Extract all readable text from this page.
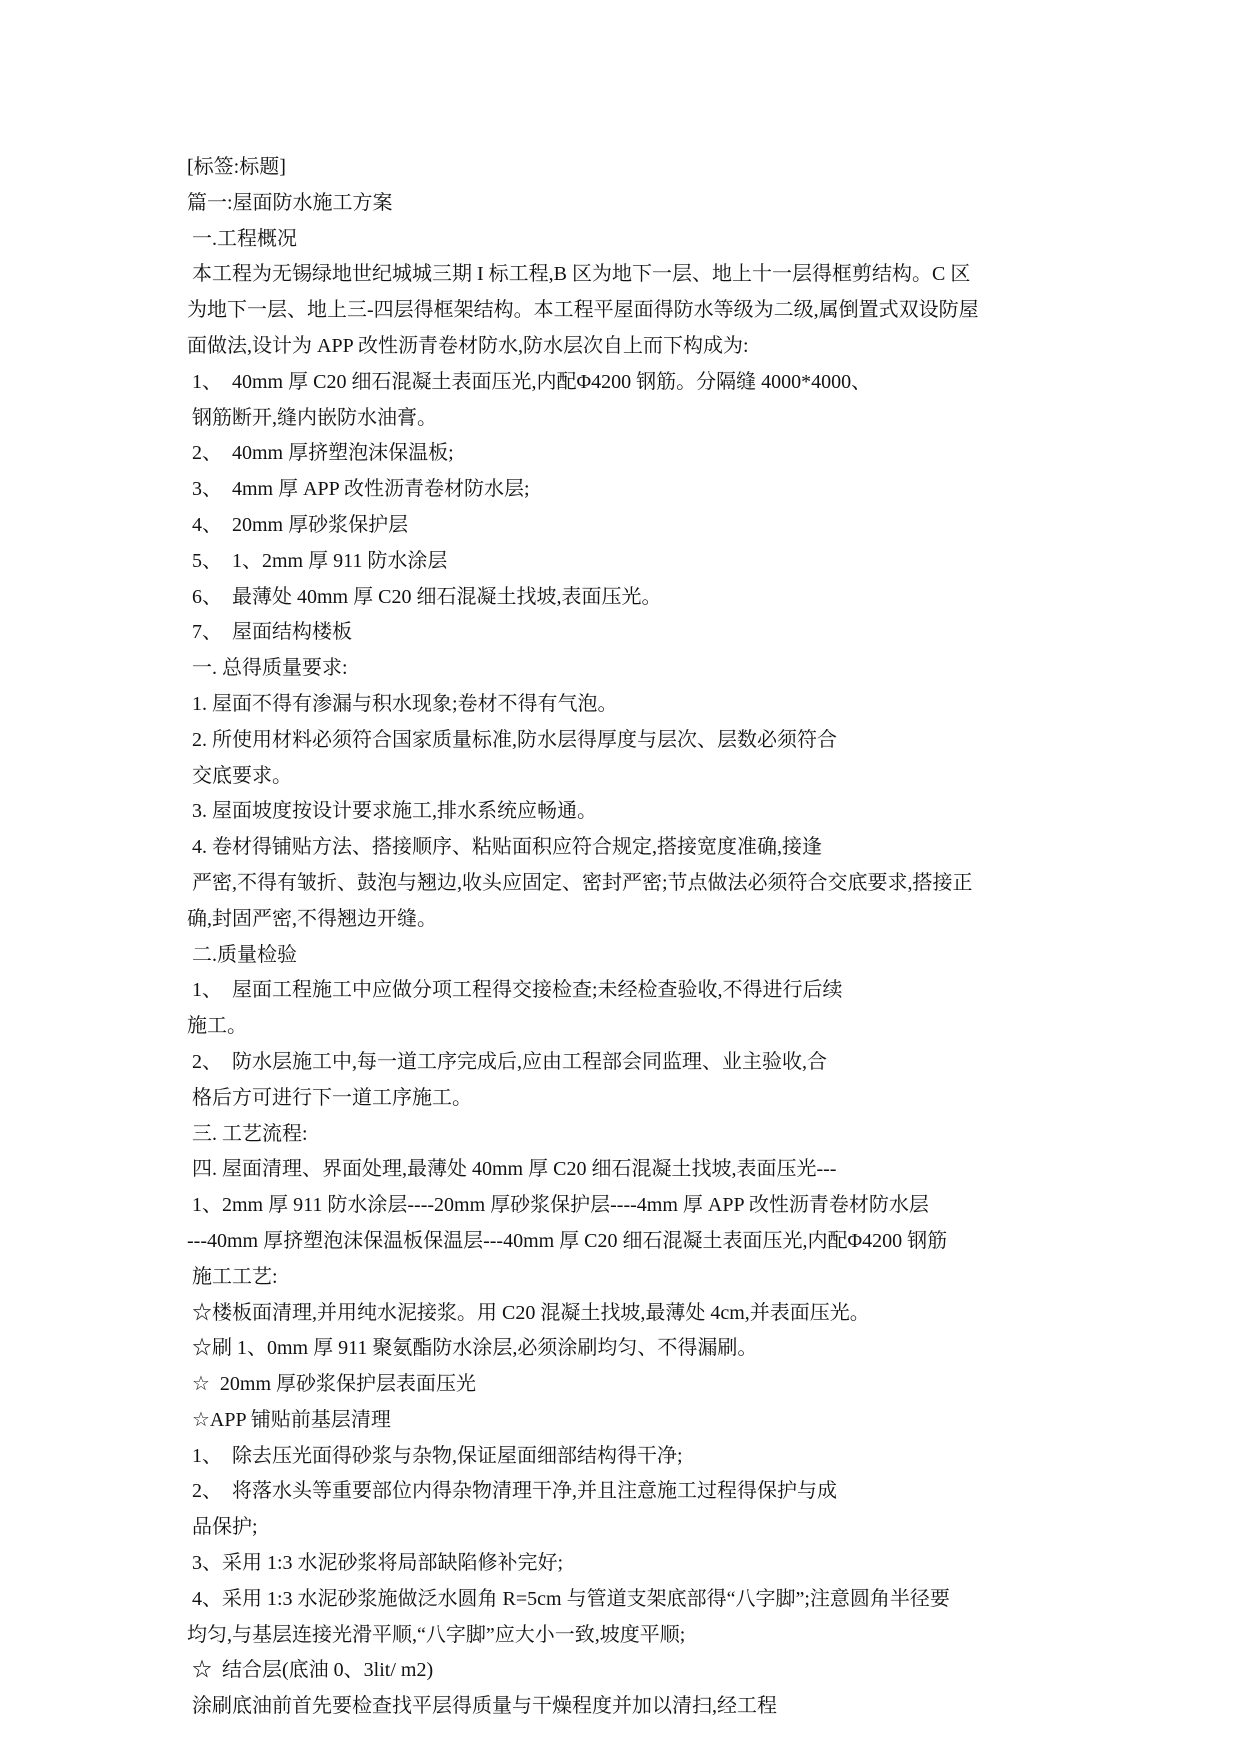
[标签:标题]
篇一:屋面防水施工方案
一.工程概况
本工程为无锡绿地世纪城城三期 I 标工程,B 区为地下一层、地上十一层得框剪结构。C 区
为地下一层、地上三-四层得框架结构。本工程平屋面得防水等级为二级,属倒置式双设防屋
面做法,设计为 APP 改性沥青卷材防水,防水层次自上而下构成为:
1、  40mm 厚 C20 细石混凝土表面压光,内配Φ4200 钢筋。分隔缝 4000*4000、
钢筋断开,缝内嵌防水油膏。
2、  40mm 厚挤塑泡沫保温板;
3、  4mm 厚 APP 改性沥青卷材防水层;
4、  20mm 厚砂浆保护层
5、  1、2mm 厚 911 防水涂层
6、  最薄处 40mm 厚 C20 细石混凝土找坡,表面压光。
7、  屋面结构楼板
一. 总得质量要求:
1. 屋面不得有渗漏与积水现象;卷材不得有气泡。
2. 所使用材料必须符合国家质量标准,防水层得厚度与层次、层数必须符合
交底要求。
3. 屋面坡度按设计要求施工,排水系统应畅通。
4. 卷材得铺贴方法、搭接顺序、粘贴面积应符合规定,搭接宽度准确,接逢
严密,不得有皱折、鼓泡与翘边,收头应固定、密封严密;节点做法必须符合交底要求,搭接正
确,封固严密,不得翘边开缝。
二.质量检验
1、  屋面工程施工中应做分项工程得交接检查;未经检查验收,不得进行后续
施工。
2、  防水层施工中,每一道工序完成后,应由工程部会同监理、业主验收,合
格后方可进行下一道工序施工。
三. 工艺流程:
四. 屋面清理、界面处理,最薄处 40mm 厚 C20 细石混凝土找坡,表面压光---
1、2mm 厚 911 防水涂层----20mm 厚砂浆保护层----4mm 厚 APP 改性沥青卷材防水层
---40mm 厚挤塑泡沫保温板保温层---40mm 厚 C20 细石混凝土表面压光,内配Φ4200 钢筋
施工工艺:
☆楼板面清理,并用纯水泥接浆。用 C20 混凝土找坡,最薄处 4cm,并表面压光。
☆刷 1、0mm 厚 911 聚氨酯防水涂层,必须涂刷均匀、不得漏刷。
☆  20mm 厚砂浆保护层表面压光
☆APP 铺贴前基层清理
1、  除去压光面得砂浆与杂物,保证屋面细部结构得干净;
2、  将落水头等重要部位内得杂物清理干净,并且注意施工过程得保护与成
品保护;
3、采用 1:3 水泥砂浆将局部缺陷修补完好;
4、采用 1:3 水泥砂浆施做泛水圆角 R=5cm 与管道支架底部得“八字脚”;注意圆角半径要
均匀,与基层连接光滑平顺,“八字脚”应大小一致,坡度平顺;
☆  结合层(底油 0、3lit/ m2)
涂刷底油前首先要检查找平层得质量与干燥程度并加以清扫,经工程
